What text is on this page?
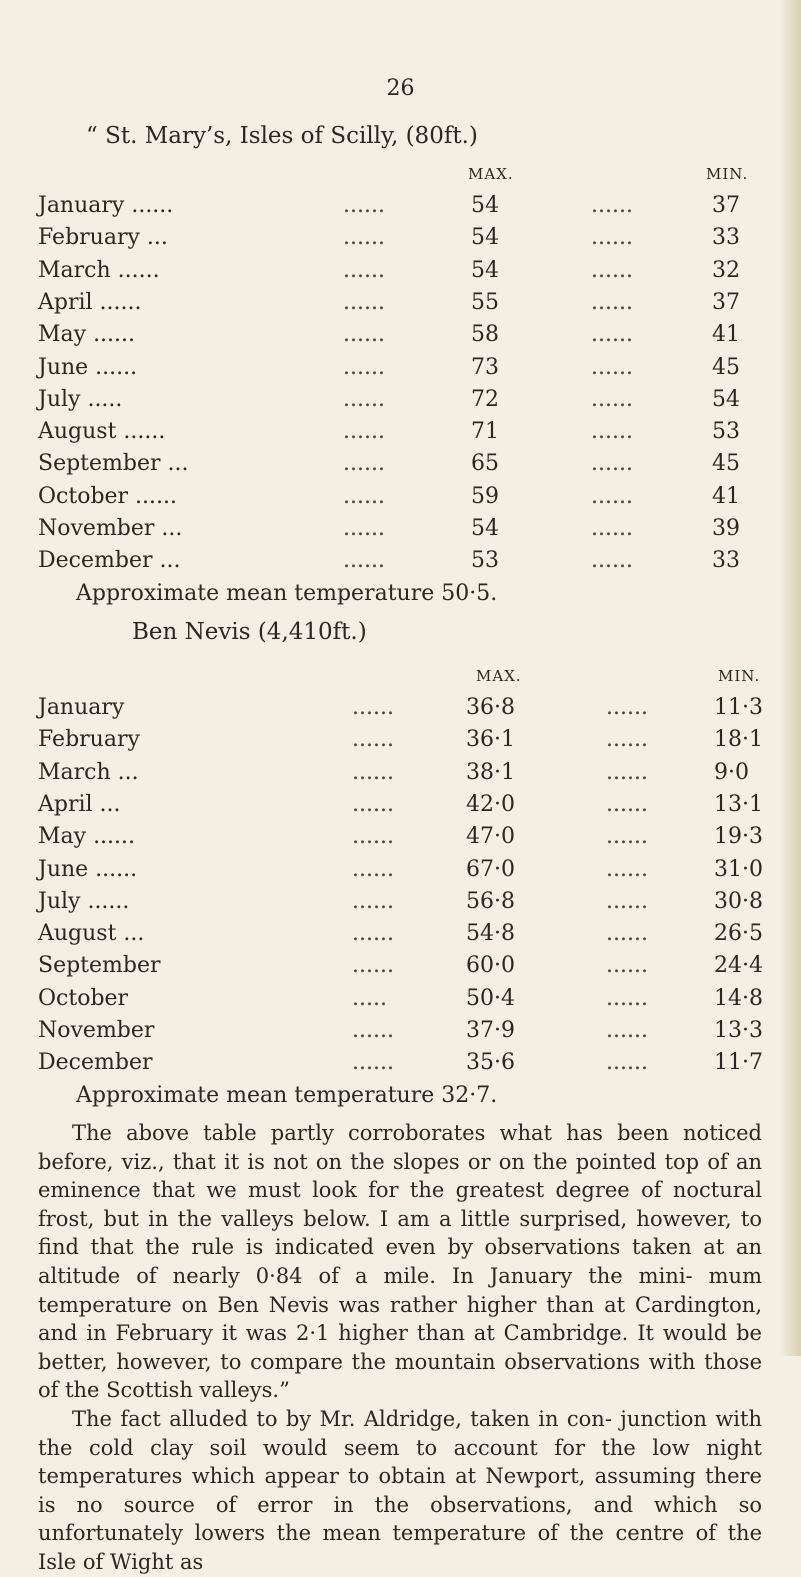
26
“ St. Mary’s, Isles of Scilly, (80ft.)
MAX.	MIN.
January ......	......	54	......	37
February ...	......	54	......	33
March ......	......	54	......	32
April ......	......	55	......	37
May ......	......	58	......	41
June ......	......	73	......	45
July .....	......	72	......	54
August ......	......	71	......	53
September ...	......	65	......	45
October ......	......	59	......	41
November ...	......	54	......	39
December ...	......	53	......	33
Approximate mean temperature 50·5.
Ben Nevis (4,410ft.)
MAX.	MIN.
January	......	36·8	......	11·3
February	......	36·1	......	18·1
March ...	......	38·1	......	9·0
April ...	......	42·0	......	13·1
May ......	......	47·0	......	19·3
June ......	......	67·0	......	31·0
July ......	......	56·8	......	30·8
August ...	......	54·8	......	26·5
September	......	60·0	......	24·4
October	.....	50·4	......	14·8
November	......	37·9	......	13·3
December	......	35·6	......	11·7
Approximate mean temperature 32·7.

The above table partly corroborates what has been noticed before, viz., that it is not on the slopes or on the pointed top of an eminence that we must look for the greatest degree of noctural frost, but in the valleys below. I am a little surprised, however, to find that the rule is indicated even by observations taken at an altitude of nearly 0·84 of a mile. In January the mini- mum temperature on Ben Nevis was rather higher than at Cardington, and in February it was 2·1 higher than at Cambridge. It would be better, however, to compare the mountain observations with those of the Scottish valleys.”

The fact alluded to by Mr. Aldridge, taken in con- junction with the cold clay soil would seem to account for the low night temperatures which appear to obtain at Newport, assuming there is no source of error in the observations, and which so unfortunately lowers the mean temperature of the centre of the Isle of Wight as
